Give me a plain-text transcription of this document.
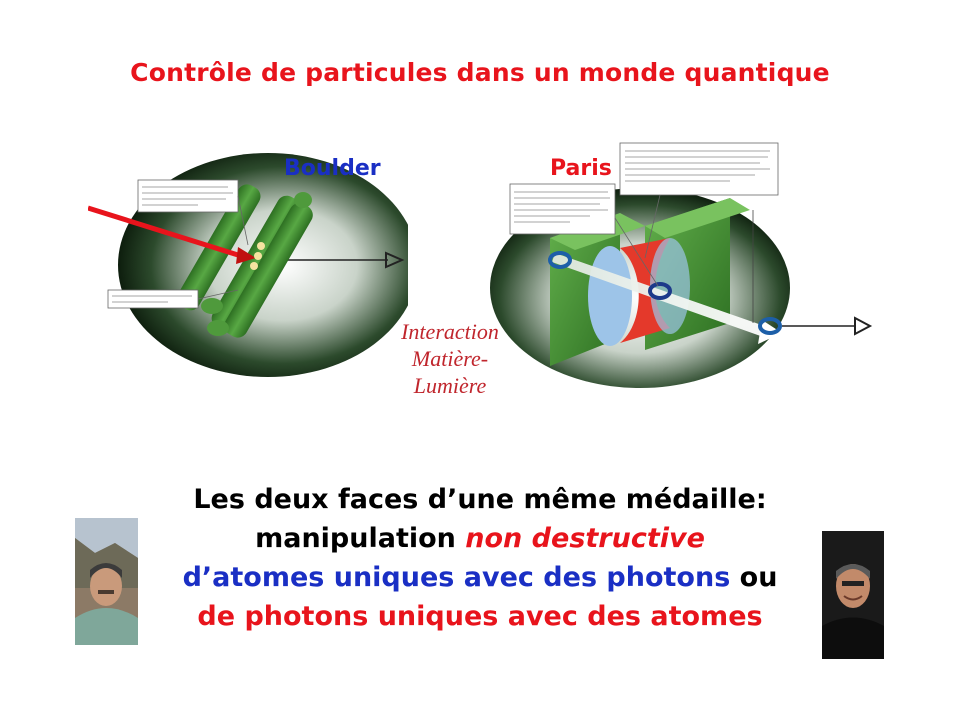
Contrôle de particules dans un monde quantique
Boulder	Paris
Interaction
Matière-
Lumière
Les deux faces d’une même médaille:
manipulation non destructive
d’atomes uniques avec des photons ou
de photons uniques avec des atomes
